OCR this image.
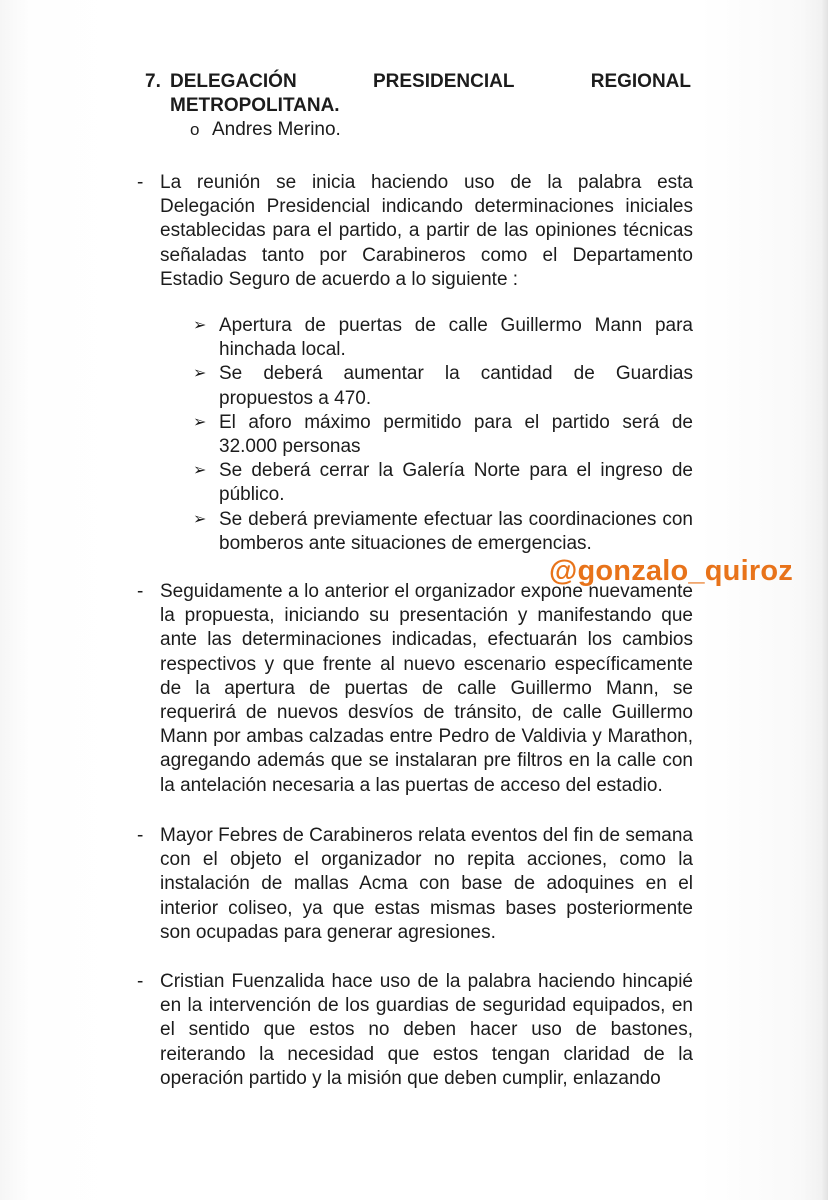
7. DELEGACIÓN	PRESIDENCIAL	REGIONAL
METROPOLITANA.
o Andres Merino.
- La reunión se inicia haciendo uso de la palabra esta Delegación Presidencial indicando determinaciones iniciales establecidas para el partido, a partir de las opiniones técnicas señaladas tanto por Carabineros como el Departamento Estadio Seguro de acuerdo a lo siguiente :
➢ Apertura de puertas de calle Guillermo Mann para hinchada local.
➢ Se deberá aumentar la cantidad de Guardias propuestos a 470.
➢ El aforo máximo permitido para el partido será de 32.000 personas
➢ Se deberá cerrar la Galería Norte para el ingreso de público.
➢ Se deberá previamente efectuar las coordinaciones con bomberos ante situaciones de emergencias.
@gonzalo_quiroz
- Seguidamente a lo anterior el organizador expone nuevamente la propuesta, iniciando su presentación y manifestando que ante las determinaciones indicadas, efectuarán los cambios respectivos y que frente al nuevo escenario específicamente de la apertura de puertas de calle Guillermo Mann, se requerirá de nuevos desvíos de tránsito, de calle Guillermo Mann por ambas calzadas entre Pedro de Valdivia y Marathon, agregando además que se instalaran pre filtros en la calle con la antelación necesaria a las puertas de acceso del estadio.
- Mayor Febres de Carabineros relata eventos del fin de semana con el objeto el organizador no repita acciones, como la instalación de mallas Acma con base de adoquines en el interior coliseo, ya que estas mismas bases posteriormente son ocupadas para generar agresiones.
- Cristian Fuenzalida hace uso de la palabra haciendo hincapié en la intervención de los guardias de seguridad equipados, en el sentido que estos no deben hacer uso de bastones, reiterando la necesidad que estos tengan claridad de la operación partido y la misión que deben cumplir, enlazando
